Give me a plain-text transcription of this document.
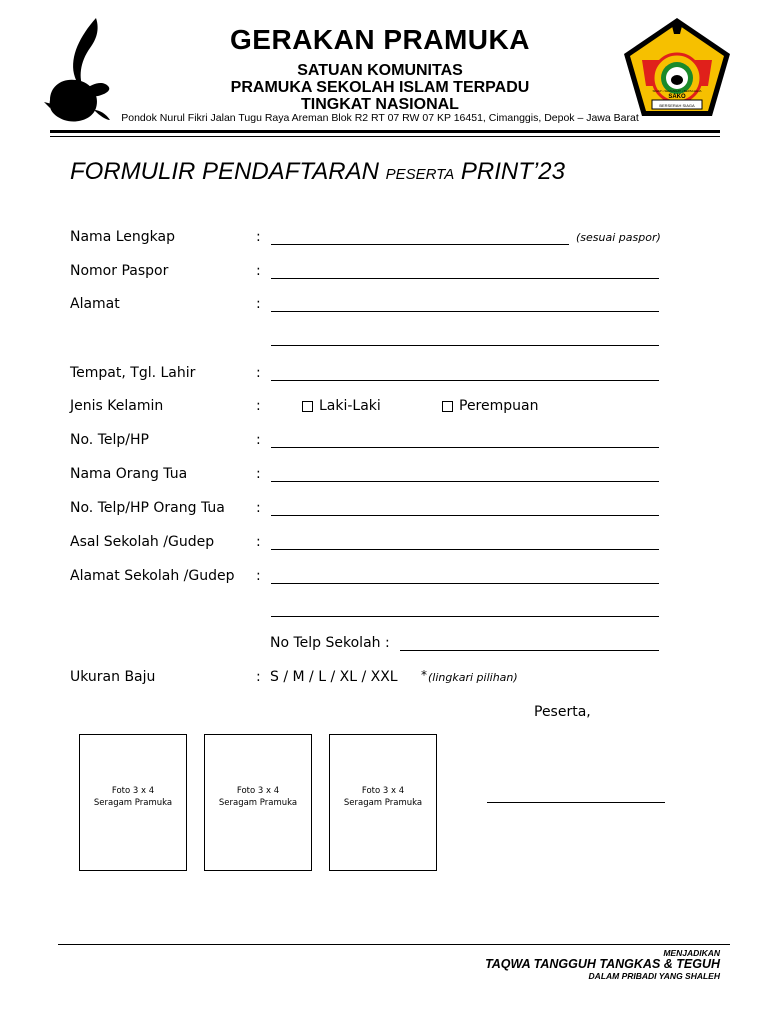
SAKO
BERSERAH SIAGA
SIGAP • SEMANGAT • BERSAHAJA
GERAKAN PRAMUKA
SATUAN KOMUNITAS
PRAMUKA SEKOLAH ISLAM TERPADU
TINGKAT NASIONAL
Pondok Nurul Fikri Jalan Tugu Raya Areman Blok R2 RT 07 RW 07 KP 16451, Cimanggis, Depok – Jawa Barat
FORMULIR PENDAFTARAN PESERTA PRINT’23
Nama Lengkap	:	(sesuai paspor)
Nomor Paspor	:
Alamat	:
Tempat, Tgl. Lahir	:
Jenis Kelamin	:	Laki-Laki	Perempuan
No. Telp/HP	:
Nama Orang Tua	:
No. Telp/HP Orang Tua :
Asal Sekolah /Gudep	:
Alamat Sekolah /Gudep :
No Telp Sekolah :
Ukuran Baju	: S / M / L / XL / XXL * (lingkari pilihan)
Peserta,
Foto 3 x 4
Seragam Pramuka
Foto 3 x 4
Seragam Pramuka
Foto 3 x 4
Seragam Pramuka
MENJADIKAN
TAQWA TANGGUH TANGKAS & TEGUH
DALAM PRIBADI YANG SHALEH
